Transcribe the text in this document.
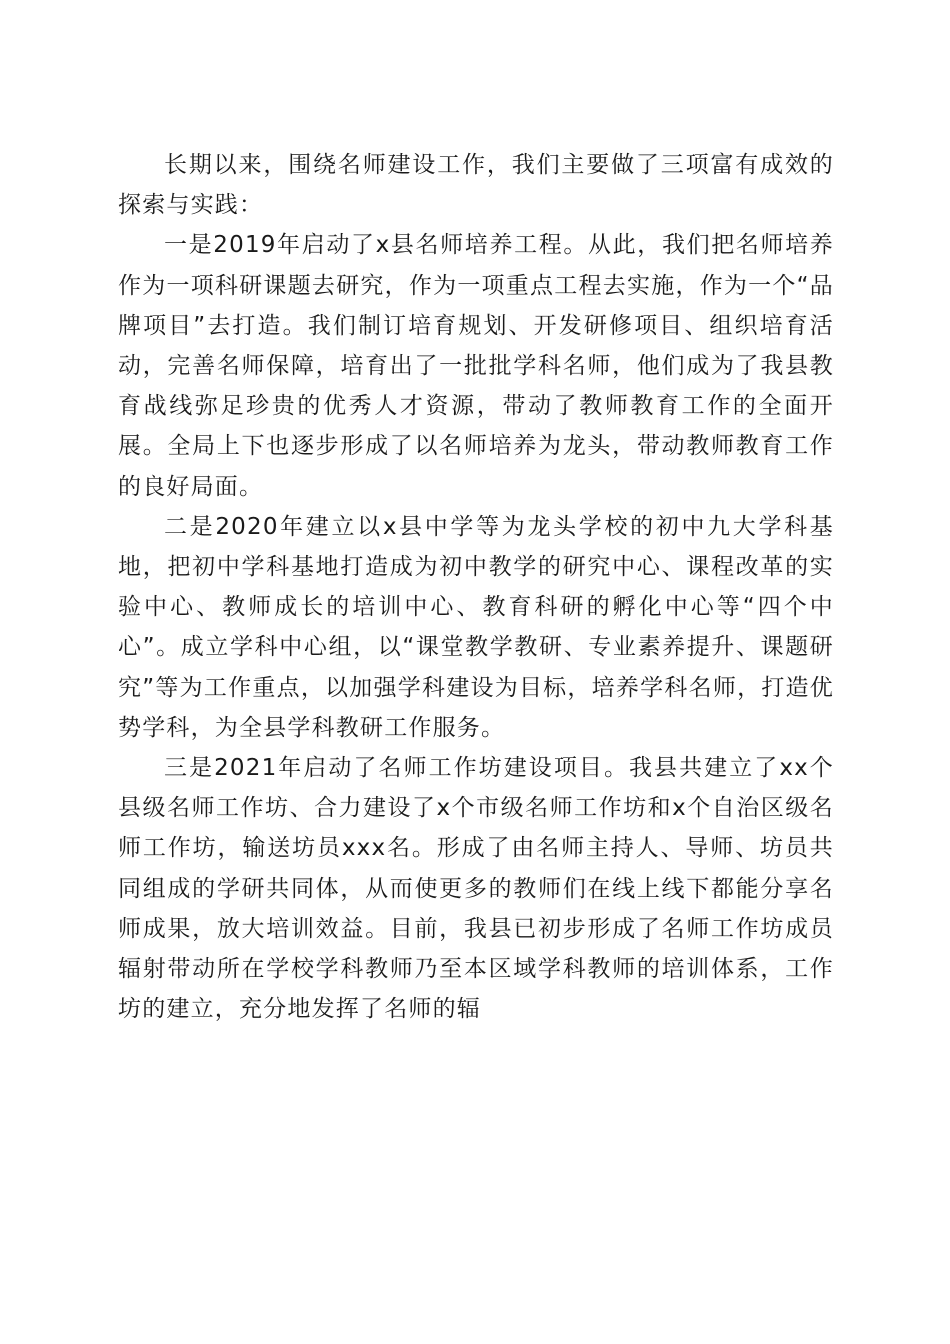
长期以来，围绕名师建设工作，我们主要做了三项富有成效的探索与实践：

一是2019年启动了x县名师培养工程。从此，我们把名师培养作为一项科研课题去研究，作为一项重点工程去实施，作为一个“品牌项目”去打造。我们制订培育规划、开发研修项目、组织培育活动，完善名师保障，培育出了一批批学科名师，他们成为了我县教育战线弥足珍贵的优秀人才资源，带动了教师教育工作的全面开展。全局上下也逐步形成了以名师培养为龙头，带动教师教育工作的良好局面。

二是2020年建立以x县中学等为龙头学校的初中九大学科基地，把初中学科基地打造成为初中教学的研究中心、课程改革的实验中心、教师成长的培训中心、教育科研的孵化中心等“四个中心”。成立学科中心组，以“课堂教学教研、专业素养提升、课题研究”等为工作重点，以加强学科建设为目标，培养学科名师，打造优势学科，为全县学科教研工作服务。

三是2021年启动了名师工作坊建设项目。我县共建立了xx个县级名师工作坊、合力建设了x个市级名师工作坊和x个自治区级名师工作坊，输送坊员xxx名。形成了由名师主持人、导师、坊员共同组成的学研共同体，从而使更多的教师们在线上线下都能分享名师成果，放大培训效益。目前，我县已初步形成了名师工作坊成员辐射带动所在学校学科教师乃至本区域学科教师的培训体系，工作坊的建立，充分地发挥了名师的辐
